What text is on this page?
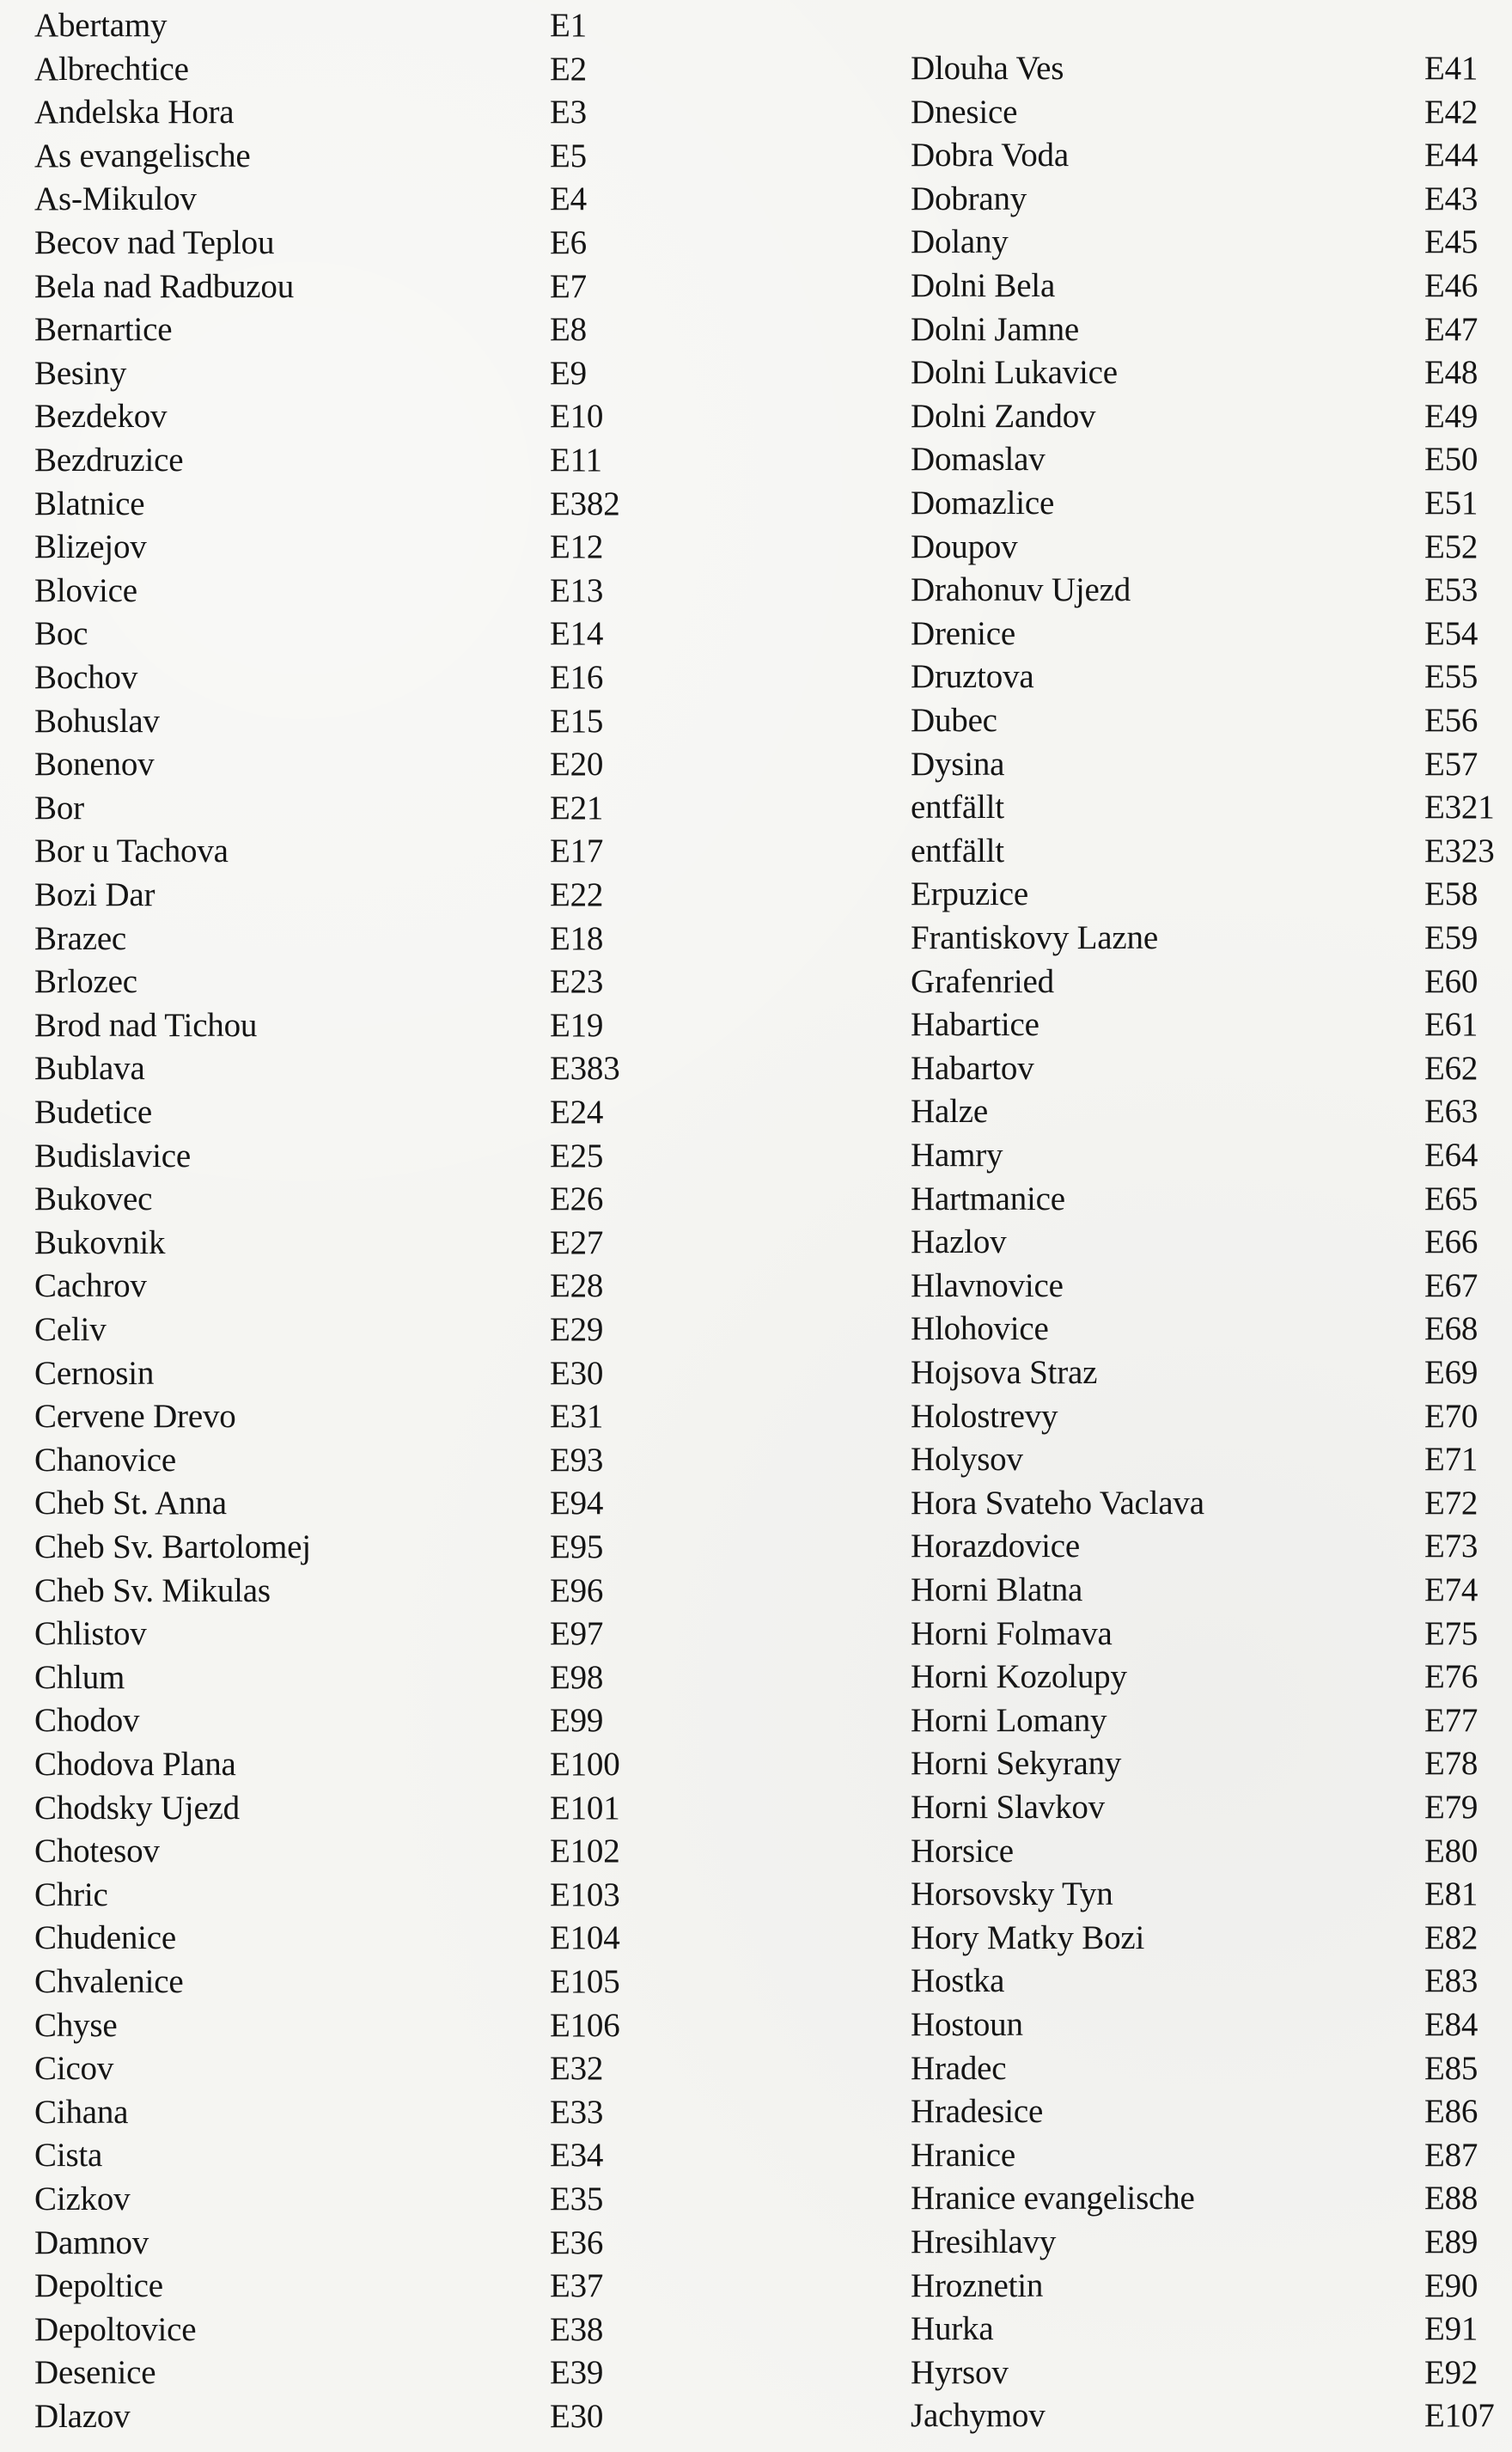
Abertamy	E1
Albrechtice	E2
Andelska Hora	E3
As evangelische	E5
As-Mikulov	E4
Becov nad Teplou	E6
Bela nad Radbuzou	E7
Bernartice	E8
Besiny	E9
Bezdekov	E10
Bezdruzice	E11
Blatnice	E382
Blizejov	E12
Blovice	E13
Boc	E14
Bochov	E16
Bohuslav	E15
Bonenov	E20
Bor	E21
Bor u Tachova	E17
Bozi Dar	E22
Brazec	E18
Brlozec	E23
Brod nad Tichou	E19
Bublava	E383
Budetice	E24
Budislavice	E25
Bukovec	E26
Bukovnik	E27
Cachrov	E28
Celiv	E29
Cernosin	E30
Cervene Drevo	E31
Chanovice	E93
Cheb St. Anna	E94
Cheb Sv. Bartolomej	E95
Cheb Sv. Mikulas	E96
Chlistov	E97
Chlum	E98
Chodov	E99
Chodova Plana	E100
Chodsky Ujezd	E101
Chotesov	E102
Chric	E103
Chudenice	E104
Chvalenice	E105
Chyse	E106
Cicov	E32
Cihana	E33
Cista	E34
Cizkov	E35
Damnov	E36
Depoltice	E37
Depoltovice	E38
Desenice	E39
Dlazov	E30
Dlouha Ves	E41
Dnesice	E42
Dobra Voda	E44
Dobrany	E43
Dolany	E45
Dolni Bela	E46
Dolni Jamne	E47
Dolni Lukavice	E48
Dolni Zandov	E49
Domaslav	E50
Domazlice	E51
Doupov	E52
Drahonuv Ujezd	E53
Drenice	E54
Druztova	E55
Dubec	E56
Dysina	E57
entfällt	E321
entfällt	E323
Erpuzice	E58
Frantiskovy Lazne	E59
Grafenried	E60
Habartice	E61
Habartov	E62
Halze	E63
Hamry	E64
Hartmanice	E65
Hazlov	E66
Hlavnovice	E67
Hlohovice	E68
Hojsova Straz	E69
Holostrevy	E70
Holysov	E71
Hora Svateho Vaclava	E72
Horazdovice	E73
Horni Blatna	E74
Horni Folmava	E75
Horni Kozolupy	E76
Horni Lomany	E77
Horni Sekyrany	E78
Horni Slavkov	E79
Horsice	E80
Horsovsky Tyn	E81
Hory Matky Bozi	E82
Hostka	E83
Hostoun	E84
Hradec	E85
Hradesice	E86
Hranice	E87
Hranice evangelische	E88
Hresihlavy	E89
Hroznetin	E90
Hurka	E91
Hyrsov	E92
Jachymov	E107
